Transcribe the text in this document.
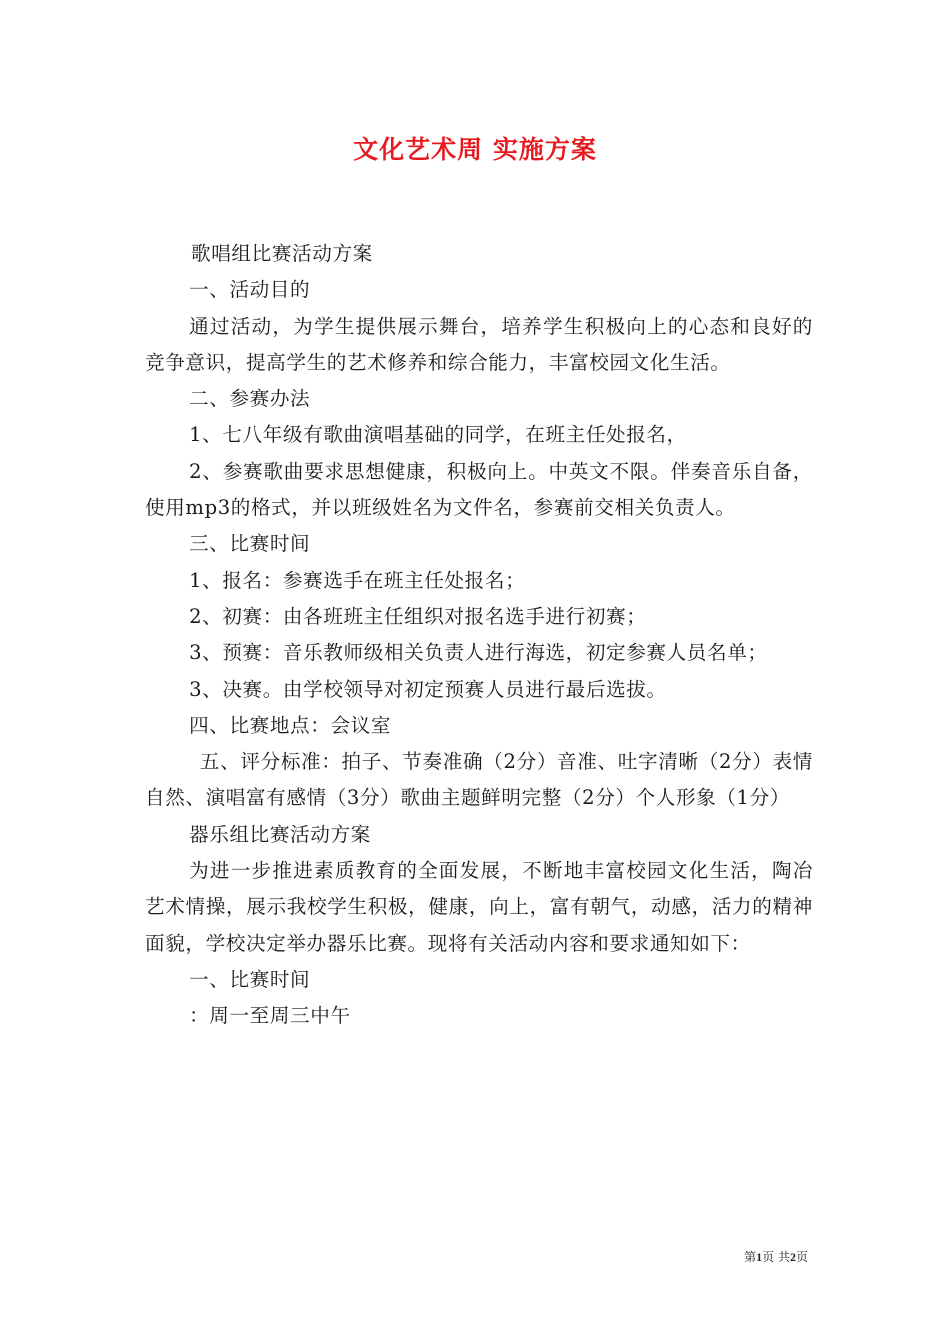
文化艺术周 实施方案

歌唱组比赛活动方案

一、活动目的

通过活动，为学生提供展示舞台，培养学生积极向上的心态和良好的竞争意识，提高学生的艺术修养和综合能力，丰富校园文化生活。

二、参赛办法

1、七八年级有歌曲演唱基础的同学，在班主任处报名，

2、参赛歌曲要求思想健康，积极向上。中英文不限。伴奏音乐自备，使用mp3的格式，并以班级姓名为文件名，参赛前交相关负责人。

三、比赛时间

1、报名：参赛选手在班主任处报名；

2、初赛：由各班班主任组织对报名选手进行初赛；

3、预赛：音乐教师级相关负责人进行海选，初定参赛人员名单；

3、决赛。由学校领导对初定预赛人员进行最后选拔。

四、比赛地点：会议室

五、评分标准：拍子、节奏准确（2分）音准、吐字清晰（2分）表情自然、演唱富有感情（3分）歌曲主题鲜明完整（2分）个人形象（1分）

器乐组比赛活动方案

为进一步推进素质教育的全面发展，不断地丰富校园文化生活，陶冶艺术情操，展示我校学生积极，健康，向上，富有朝气，动感，活力的精神面貌，学校决定举办器乐比赛。现将有关活动内容和要求通知如下：

一、比赛时间

：周一至周三中午

第1页 共2页
